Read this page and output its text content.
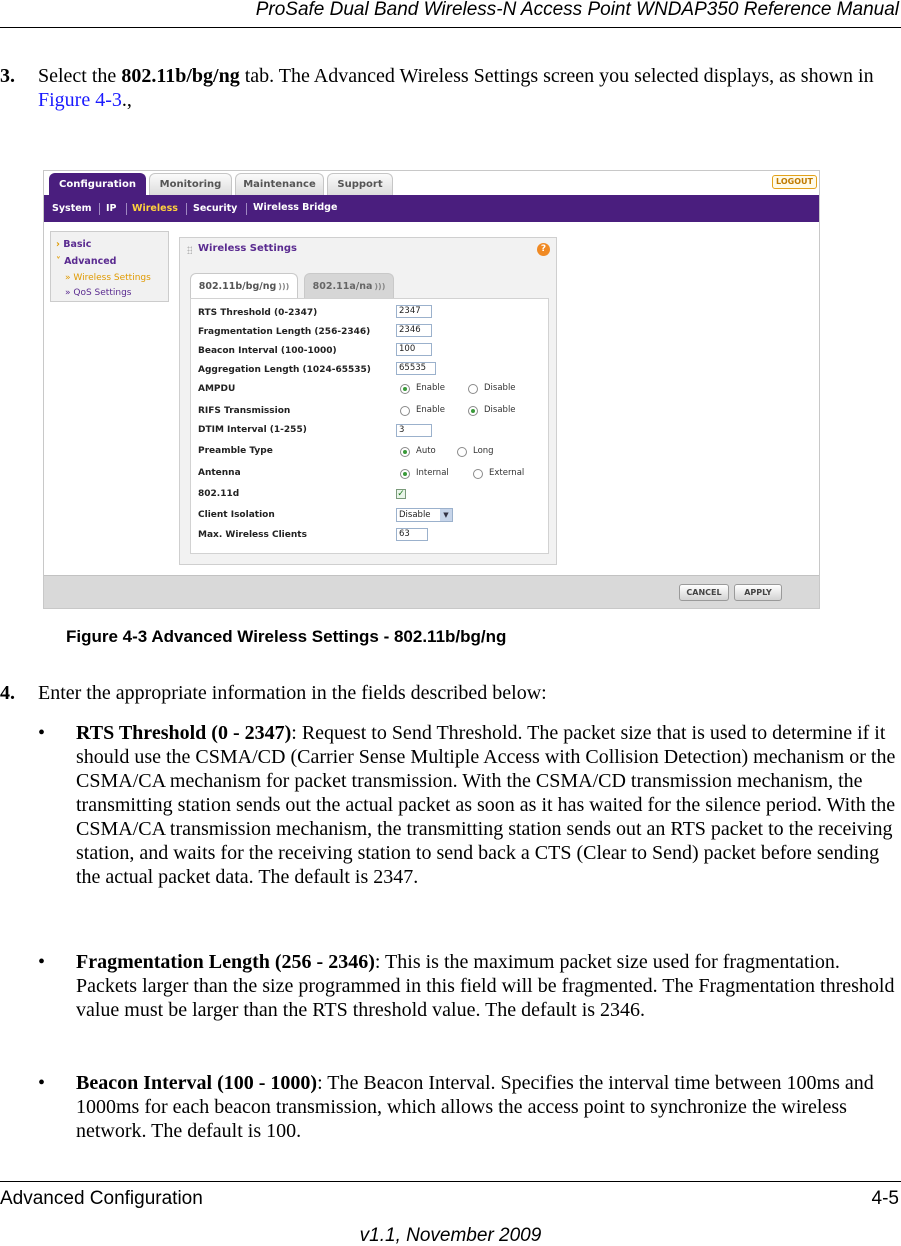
ProSafe Dual Band Wireless-N Access Point WNDAP350 Reference Manual
3.	Select the 802.11b/bg/ng tab. The Advanced Wireless Settings screen you selected displays, as shown in Figure 4-3.,
Configuration	Monitoring	Maintenance	Support	LOGOUT
System IP Wireless Security Wireless Bridge
› Basic
˅ Advanced
» Wireless Settings
» QoS Settings
Wireless Settings	?
802.11b/bg/ng )))	802.11a/na )))
RTS Threshold (0-2347)	2347
Fragmentation Length (256-2346)	2346
Beacon Interval (100-1000)	100
Aggregation Length (1024-65535)	65535
AMPDU	Enable	Disable
RIFS Transmission	Enable	Disable
DTIM Interval (1-255)	3
Preamble Type	Auto	Long
Antenna	Internal	External
802.11d	✓
Client Isolation	Disable	▼
Max. Wireless Clients	63
CANCEL	APPLY
Figure 4-3 Advanced Wireless Settings - 802.11b/bg/ng
4.	Enter the appropriate information in the fields described below:
• RTS Threshold (0 - 2347): Request to Send Threshold. The packet size that is used to determine if it should use the CSMA/CD (Carrier Sense Multiple Access with Collision Detection) mechanism or the CSMA/CA mechanism for packet transmission. With the CSMA/CD transmission mechanism, the transmitting station sends out the actual packet as soon as it has waited for the silence period. With the CSMA/CA transmission mechanism, the transmitting station sends out an RTS packet to the receiving station, and waits for the receiving station to send back a CTS (Clear to Send) packet before sending the actual packet data. The default is 2347.
• Fragmentation Length (256 - 2346): This is the maximum packet size used for fragmentation. Packets larger than the size programmed in this field will be fragmented. The Fragmentation threshold value must be larger than the RTS threshold value. The default is 2346.
• Beacon Interval (100 - 1000): The Beacon Interval. Specifies the interval time between 100ms and 1000ms for each beacon transmission, which allows the access point to synchronize the wireless network. The default is 100.
Advanced Configuration	4-5
v1.1, November 2009
